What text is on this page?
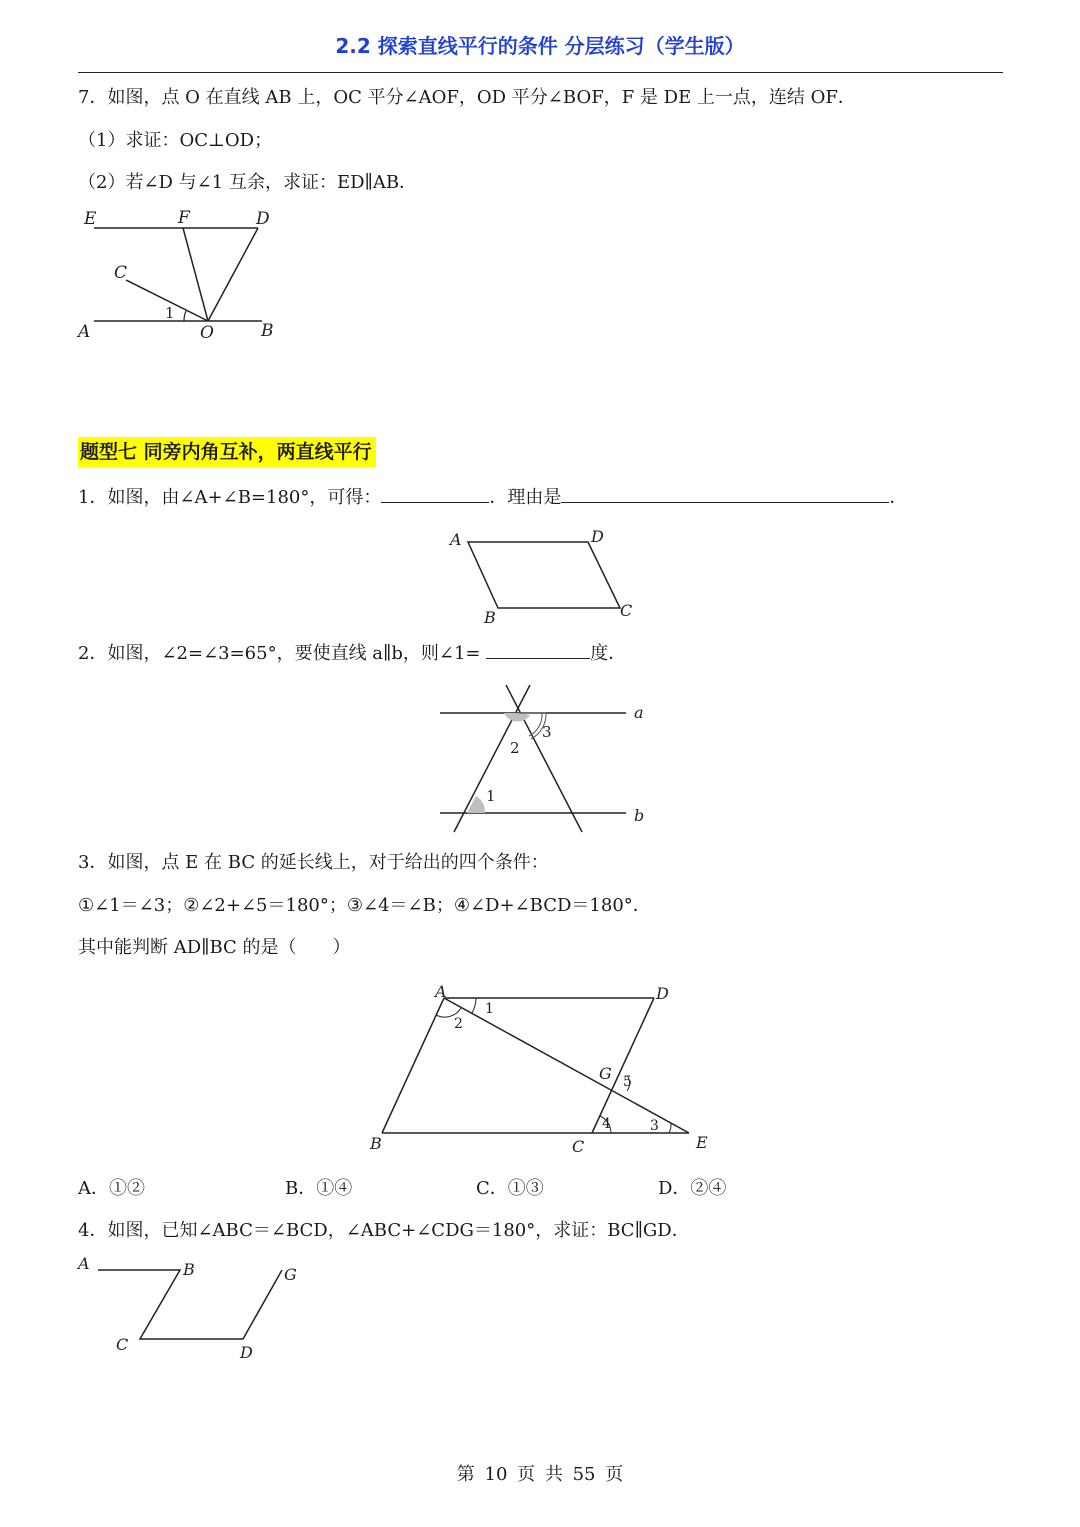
2.2 探索直线平行的条件 分层练习（学生版）
7．如图，点 O 在直线 AB 上，OC 平分∠AOF，OD 平分∠BOF，F 是 DE 上一点，连结 OF．
（1）求证：OC⊥OD；
（2）若∠D 与∠1 互余，求证：ED∥AB．
E	F	D
C
A	O	B
1
题型七 同旁内角互补，两直线平行
1．如图，由∠A+∠B=180°，可得：	．理由是	．
A	D
B	C
2．如图，∠2=∠3=65°，要使直线 a∥b，则∠1=	度．
a
b
2
3
1
3．如图，点 E 在 BC 的延长线上，对于给出的四个条件：
①∠1＝∠3；②∠2+∠5＝180°；③∠4＝∠B；④∠D+∠BCD＝180°．
其中能判断 AD∥BC 的是（　　）
A	D
B	C	E
G
1
2
3
4
5
A．①②	B．①④	C．①③	D．②④
4．如图，已知∠ABC＝∠BCD，∠ABC+∠CDG＝180°，求证：BC∥GD．
A	B	G
C	D
第 10 页 共 55 页
